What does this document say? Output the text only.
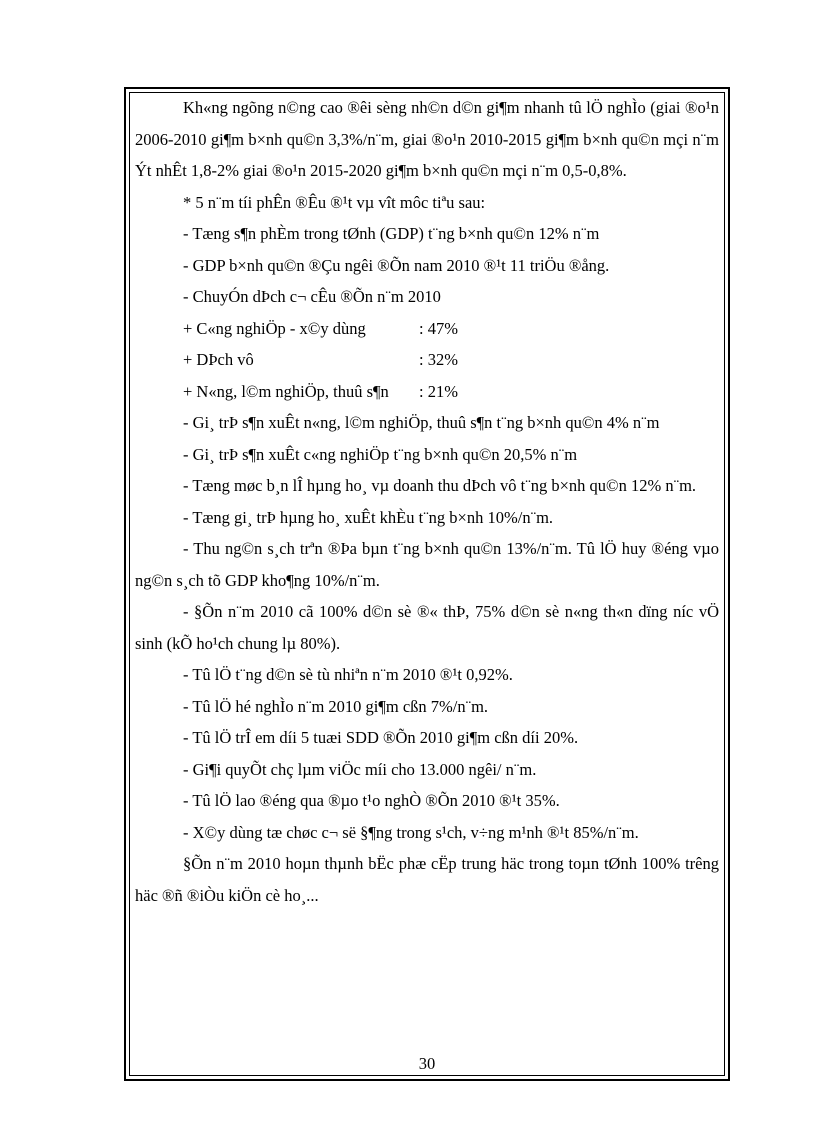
Kh«ng ngõng n©ng cao ®êi sèng nh©n d©n gi¶m nhanh tû lÖ nghÌo (giai ®o¹n 2006-2010 gi¶m b×nh qu©n 3,3%/n¨m, giai ®o¹n 2010-2015 gi¶m b×nh qu©n mçi n¨m Ýt nhÊt 1,8-2% giai ®o¹n 2015-2020 gi¶m b×nh qu©n mçi n¨m 0,5-0,8%.

* 5 n¨m tíi phÊn ®Êu ®¹t vµ vît môc tiªu sau:

- Tæng s¶n phÈm trong tØnh (GDP) t¨ng b×nh qu©n 12% n¨m

- GDP b×nh qu©n ®Çu ngêi ®Õn nam 2010 ®¹t 11 triÖu ®ång.

- ChuyÓn dÞch c¬ cÊu ®Õn n¨m 2010

+ C«ng nghiÖp - x©y dùng	: 47%
+ DÞch vô	: 32%
+ N«ng, l©m nghiÖp, thuû s¶n	: 21%

- Gi¸ trÞ s¶n xuÊt n«ng, l©m nghiÖp, thuû s¶n t¨ng b×nh qu©n 4% n¨m

- Gi¸ trÞ s¶n xuÊt c«ng nghiÖp t¨ng b×nh qu©n 20,5% n¨m

- Tæng møc b¸n lÎ hµng ho¸ vµ doanh thu dÞch vô t¨ng b×nh qu©n 12% n¨m.

- Tæng gi¸ trÞ hµng ho¸ xuÊt khÈu t¨ng b×nh 10%/n¨m.

- Thu ng©n s¸ch trªn ®Þa bµn t¨ng b×nh qu©n 13%/n¨m. Tû lÖ huy ®éng vµo ng©n s¸ch tõ GDP kho¶ng 10%/n¨m.

- §Õn n¨m 2010 cã 100% d©n sè ®« thÞ, 75% d©n sè n«ng th«n dïng níc vÖ sinh (kÕ ho¹ch chung lµ 80%).

- Tû lÖ t¨ng d©n sè tù nhiªn n¨m 2010 ®¹t 0,92%.

- Tû lÖ hé nghÌo n¨m 2010 gi¶m cßn 7%/n¨m.

- Tû lÖ trÎ em díi 5 tuæi SDD ®Õn 2010 gi¶m cßn díi 20%.

- Gi¶i quyÕt chç lµm viÖc míi cho 13.000 ngêi/ n¨m.

- Tû lÖ lao ®éng qua ®µo t¹o nghÒ ®Õn 2010 ®¹t 35%.

- X©y dùng tæ chøc c¬ së §¶ng trong s¹ch, v÷ng m¹nh ®¹t 85%/n¨m.

§Õn n¨m 2010 hoµn thµnh bËc phæ cËp trung häc trong toµn tØnh 100% trêng häc ®ñ ®iÒu kiÖn cè ho¸...

30
